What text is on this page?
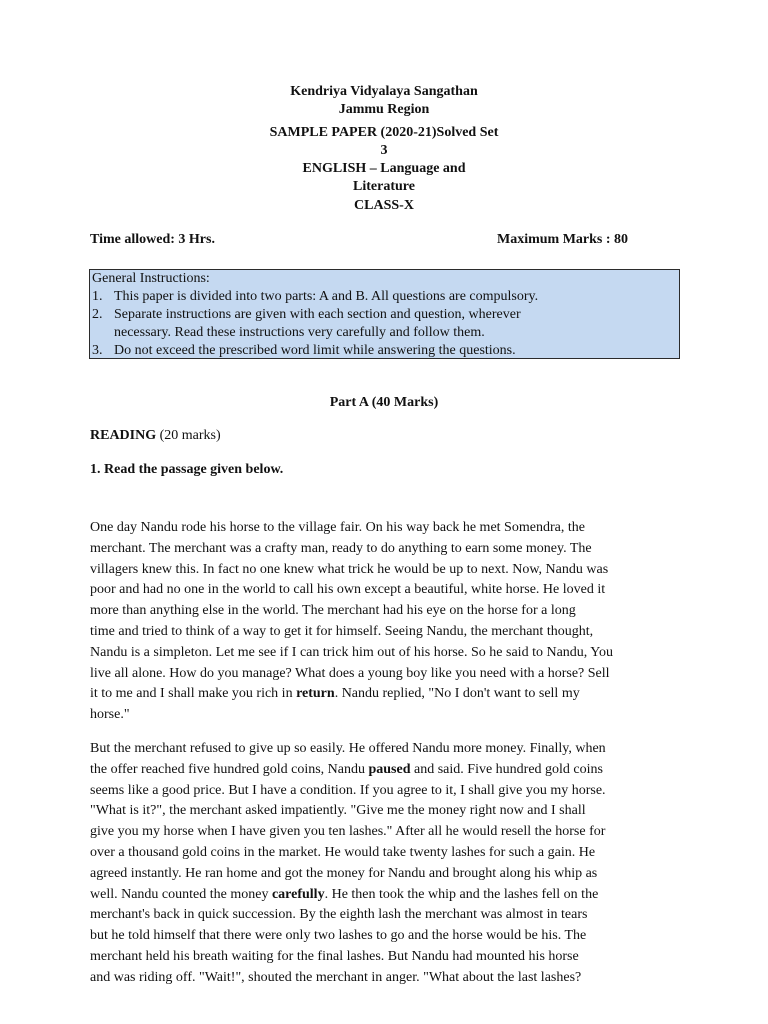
Kendriya Vidyalaya Sangathan
Jammu Region
SAMPLE PAPER (2020-21)Solved Set
3
ENGLISH – Language and
Literature
CLASS-X
Time allowed: 3 Hrs.	Maximum Marks : 80
General Instructions:
1. This paper is divided into two parts: A and B. All questions are compulsory.
2. Separate instructions are given with each section and question, wherever
necessary. Read these instructions very carefully and follow them.
3. Do not exceed the prescribed word limit while answering the questions.
Part A (40 Marks)
READING (20 marks)
1. Read the passage given below.
One day Nandu rode his horse to the village fair. On his way back he met Somendra, the
merchant. The merchant was a crafty man, ready to do anything to earn some money. The
villagers knew this. In fact no one knew what trick he would be up to next. Now, Nandu was
poor and had no one in the world to call his own except a beautiful, white horse. He loved it
more than anything else in the world. The merchant had his eye on the horse for a long
time and tried to think of a way to get it for himself. Seeing Nandu, the merchant thought,
Nandu is a simpleton. Let me see if I can trick him out of his horse. So he said to Nandu, You
live all alone. How do you manage? What does a young boy like you need with a horse? Sell
it to me and I shall make you rich in return. Nandu replied, "No I don't want to sell my
horse."
But the merchant refused to give up so easily. He offered Nandu more money. Finally, when
the offer reached five hundred gold coins, Nandu paused and said. Five hundred gold coins
seems like a good price. But I have a condition. If you agree to it, I shall give you my horse.
"What is it?", the merchant asked impatiently. "Give me the money right now and I shall
give you my horse when I have given you ten lashes." After all he would resell the horse for
over a thousand gold coins in the market. He would take twenty lashes for such a gain. He
agreed instantly. He ran home and got the money for Nandu and brought along his whip as
well. Nandu counted the money carefully. He then took the whip and the lashes fell on the
merchant's back in quick succession. By the eighth lash the merchant was almost in tears
but he told himself that there were only two lashes to go and the horse would be his. The
merchant held his breath waiting for the final lashes. But Nandu had mounted his horse
and was riding off. "Wait!", shouted the merchant in anger. "What about the last lashes?
